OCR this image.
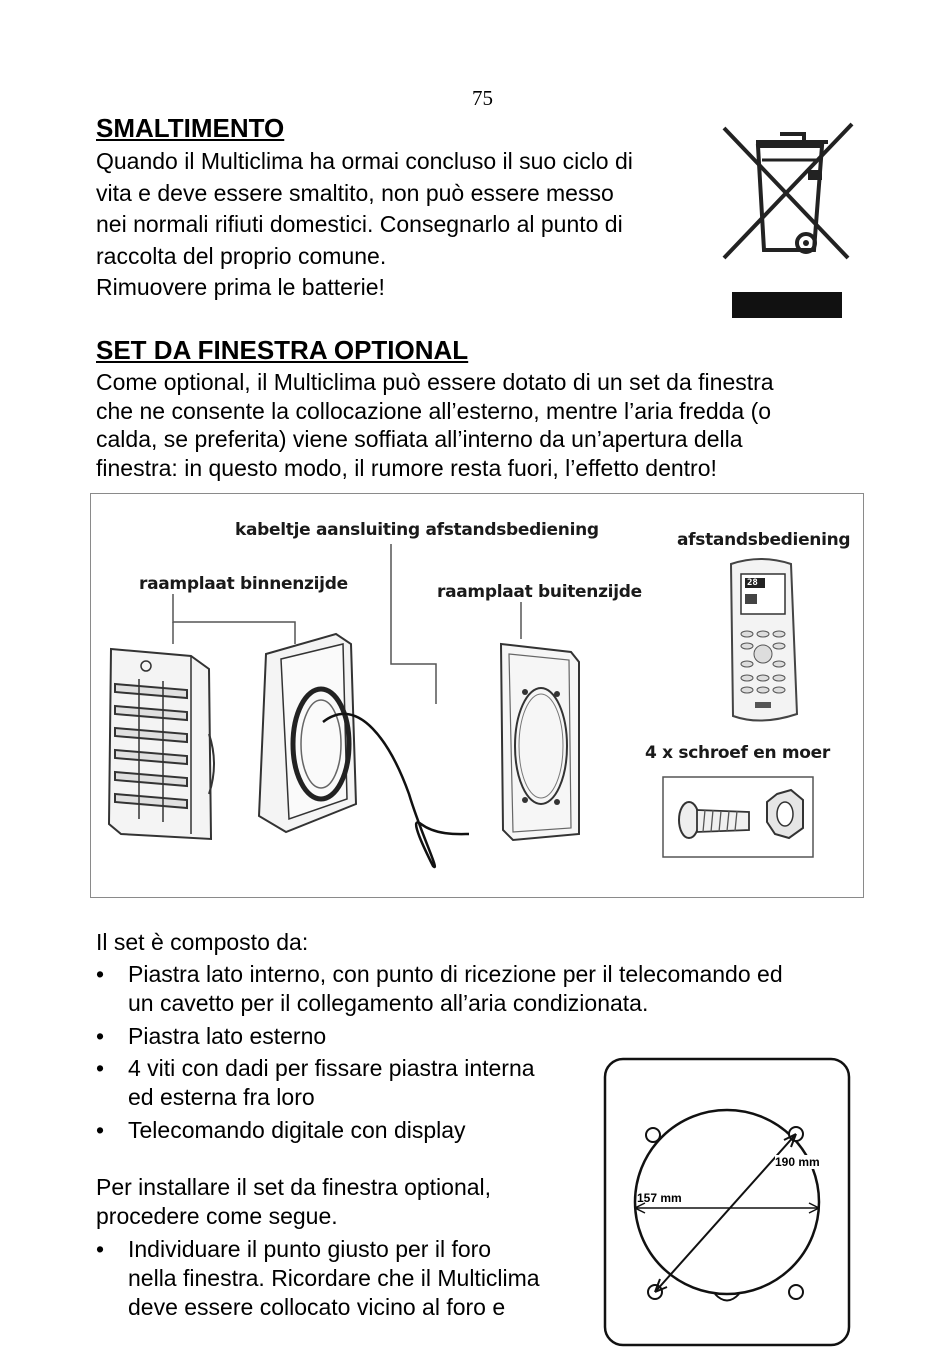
75
SMALTIMENTO
Quando il Multiclima ha ormai concluso il suo ciclo di
vita e deve essere smaltito, non può essere messo
nei normali rifiuti domestici. Consegnarlo al punto di
raccolta del proprio comune.
Rimuovere prima le batterie!
SET DA FINESTRA OPTIONAL
Come optional, il Multiclima può essere dotato di un set da finestra
che ne consente la collocazione all’esterno, mentre l’aria fredda (o
calda, se preferita) viene soffiata all’interno da un’apertura della
finestra: in questo modo, il rumore resta fuori, l’effetto dentro!
kabeltje aansluiting afstandsbediening	afstandsbediening
raamplaat binnenzijde	raamplaat buitenzijde
4 x schroef en moer
28
Il set è composto da:
•	Piastra lato interno, con punto di ricezione per il telecomando ed
un cavetto per il collegamento all’aria condizionata.
•	Piastra lato esterno
•	4 viti con dadi per fissare piastra interna
ed esterna fra loro
•	Telecomando digitale con display
Per installare il set da finestra optional,
procedere come segue.
•	Individuare il punto giusto per il foro
nella finestra. Ricordare che il Multiclima
deve essere collocato vicino al foro e
190 mm
157 mm
